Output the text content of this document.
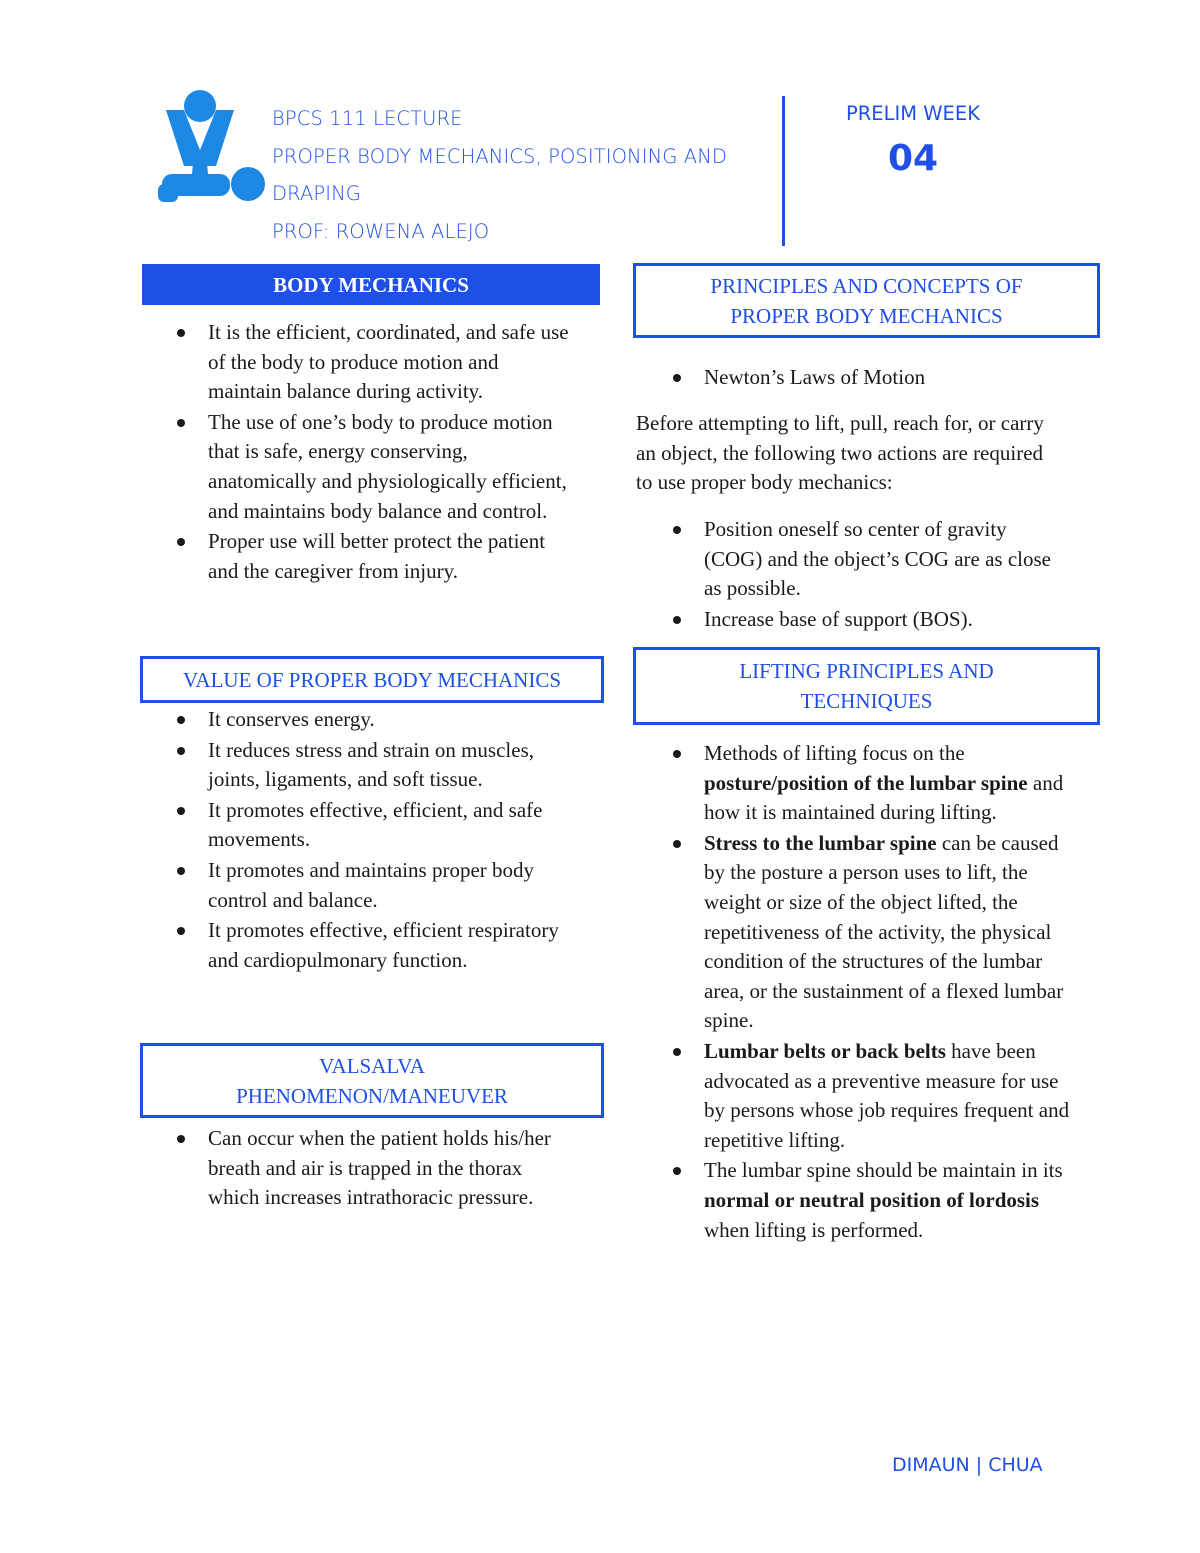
BPCS 111 LECTURE
PROPER BODY MECHANICS, POSITIONING AND
DRAPING
PROF: ROWENA ALEJO
PRELIM WEEK
04
BODY MECHANICS
It is the efficient, coordinated, and safe use of the body to produce motion and maintain balance during activity.
The use of one’s body to produce motion that is safe, energy conserving, anatomically and physiologically efficient, and maintains body balance and control.
Proper use will better protect the patient and the caregiver from injury.
VALUE OF PROPER BODY MECHANICS
It conserves energy.
It reduces stress and strain on muscles, joints, ligaments, and soft tissue.
It promotes effective, efficient, and safe movements.
It promotes and maintains proper body control and balance.
It promotes effective, efficient respiratory and cardiopulmonary function.
VALSALVA
PHENOMENON/MANEUVER
Can occur when the patient holds his/her breath and air is trapped in the thorax which increases intrathoracic pressure.
PRINCIPLES AND CONCEPTS OF
PROPER BODY MECHANICS
Newton’s Laws of Motion

Before attempting to lift, pull, reach for, or carry an object, the following two actions are required to use proper body mechanics:

Position oneself so center of gravity (COG) and the object’s COG are as close as possible.
Increase base of support (BOS).
LIFTING PRINCIPLES AND
TECHNIQUES
Methods of lifting focus on the posture/position of the lumbar spine and how it is maintained during lifting.
Stress to the lumbar spine can be caused by the posture a person uses to lift, the weight or size of the object lifted, the repetitiveness of the activity, the physical condition of the structures of the lumbar area, or the sustainment of a flexed lumbar spine.
Lumbar belts or back belts have been advocated as a preventive measure for use by persons whose job requires frequent and repetitive lifting.
The lumbar spine should be maintain in its normal or neutral position of lordosis when lifting is performed.
DIMAUN | CHUA
